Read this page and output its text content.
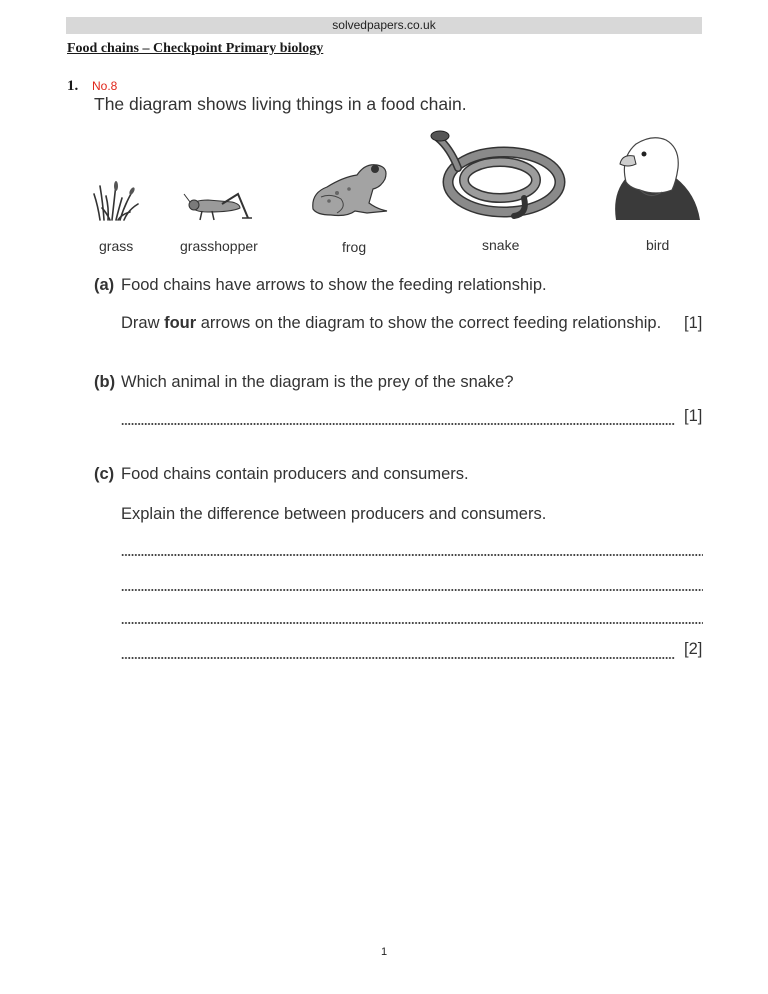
solvedpapers.co.uk
Food chains – Checkpoint Primary biology
1. No.8
The diagram shows living things in a food chain.
grass	grasshopper	frog	snake	bird
(a) Food chains have arrows to show the feeding relationship.
Draw four arrows on the diagram to show the correct feeding relationship. [1]
(b) Which animal in the diagram is the prey of the snake?
[1]
(c) Food chains contain producers and consumers.
Explain the difference between producers and consumers.
[2]
1
